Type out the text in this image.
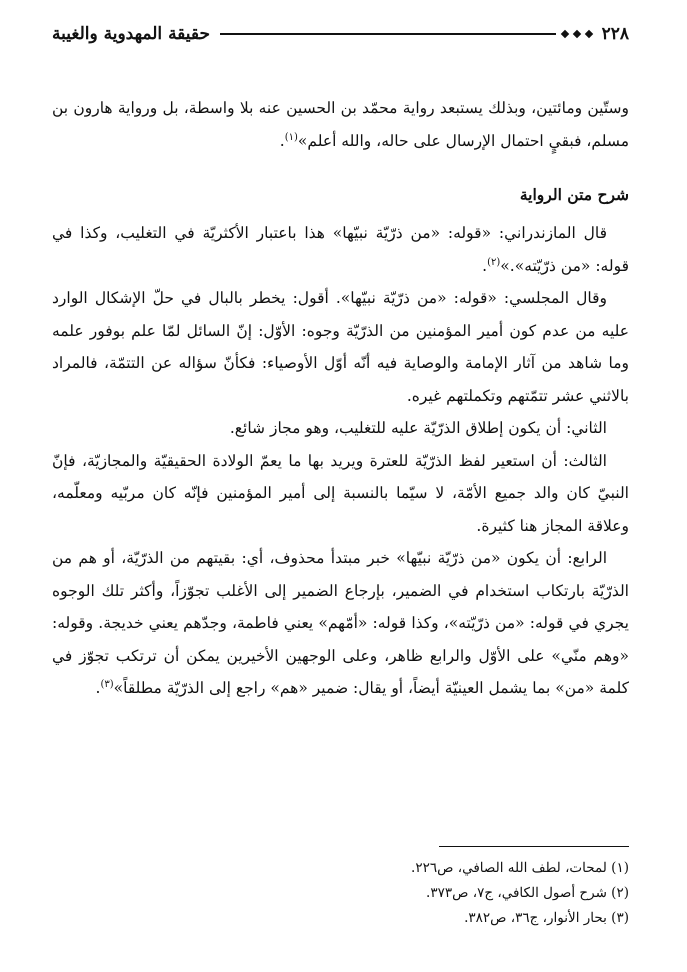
٢٢٨
حقيقة المهدوية والغيبة

وستّين ومائتين، وبذلك يستبعد رواية محمّد بن الحسين عنه بلا واسطة، بل ورواية هارون بن مسلم، فبقيٍ احتمال الإرسال على حاله، والله أعلم»$^{(١)}$.

شرح متن الرواية

قال المازندراني: «قوله: «من ذرّيّة نبيّها» هذا باعتبار الأكثريّة في التغليب، وكذا في قوله: «من ذرّيّته».»$^{(٢)}$.

وقال المجلسي: «قوله: «من ذرّيّة نبيّها». أقول: يخطر بالبال في حلّ الإشكال الوارد عليه من عدم كون أمير المؤمنين من الذرّيّة وجوه: الأوّل: إنّ السائل لمّا علم بوفور علمه وما شاهد من آثار الإمامة والوصاية فيه أنّه أوّل الأوصياء: فكأنّ سؤاله عن التتمّة، فالمراد بالاثني عشر تتمّتهم وتكملتهم غيره.

الثاني: أن يكون إطلاق الذرّيّة عليه للتغليب، وهو مجاز شائع.

الثالث: أن استعير لفظ الذرّيّة للعترة ويريد بها ما يعمّ الولادة الحقيقيّة والمجازيّة، فإنّ النبيّ كان والد جميع الأمّة، لا سيّما بالنسبة إلى أمير المؤمنين فإنّه كان مربّيه ومعلّمه، وعلاقة المجاز هنا كثيرة.

الرابع: أن يكون «من ذرّيّة نبيّها» خبر مبتدأ محذوف، أي: بقيتهم من الذرّيّة، أو هم من الذرّيّة بارتكاب استخدام في الضمير، بإرجاع الضمير إلى الأغلب تجوّزاً، وأكثر تلك الوجوه يجري في قوله: «من ذرّيّته»، وكذا قوله: «أمّهم» يعني فاطمة، وجدّهم يعني خديجة. وقوله: «وهم منّي» على الأوّل والرابع ظاهر، وعلى الوجهين الأخيرين يمكن أن ترتكب تجوّز في كلمة «من» بما يشمل العينيّة أيضاً، أو يقال: ضمير «هم» راجع إلى الذرّيّة مطلقاً»$^{(٣)}$.

(١) لمحات، لطف الله الصافي، ص٢٢٦.
(٢) شرح أصول الكافي، ج٧، ص٣٧٣.
(٣) بحار الأنوار، ج٣٦، ص٣٨٢.
